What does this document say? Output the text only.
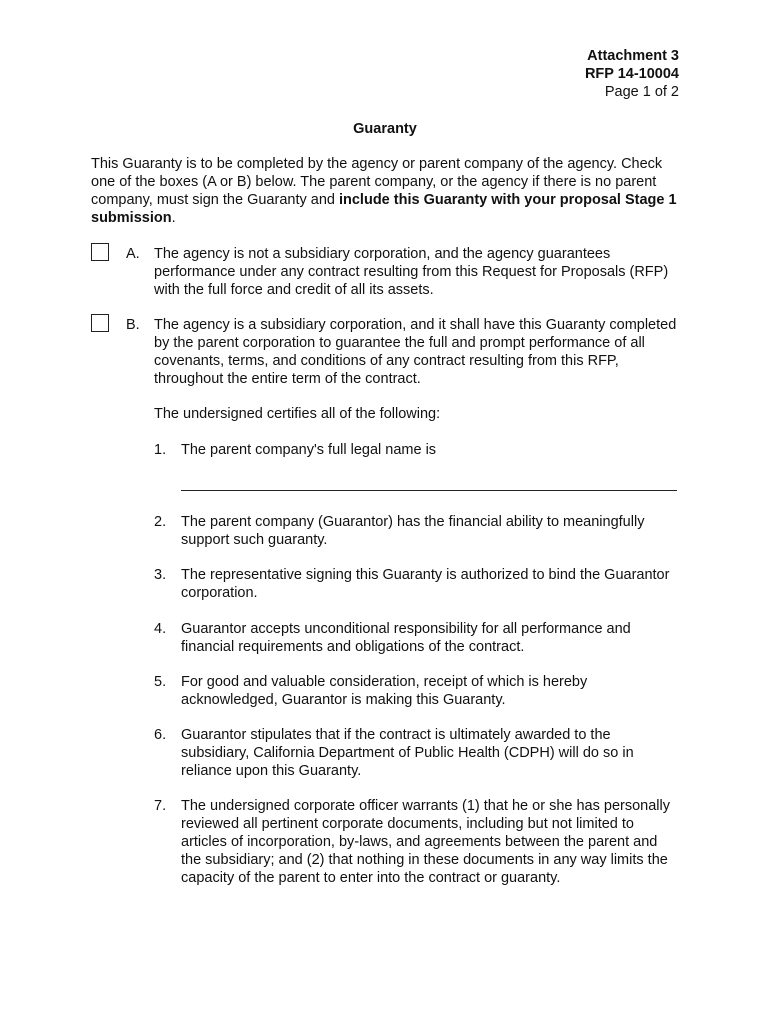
Attachment 3
RFP 14-10004
Page 1 of 2
Guaranty
This Guaranty is to be completed by the agency or parent company of the agency. Check one of the boxes (A or B) below. The parent company, or the agency if there is no parent company, must sign the Guaranty and include this Guaranty with your proposal Stage 1 submission.
A. The agency is not a subsidiary corporation, and the agency guarantees performance under any contract resulting from this Request for Proposals (RFP) with the full force and credit of all its assets.
B. The agency is a subsidiary corporation, and it shall have this Guaranty completed by the parent corporation to guarantee the full and prompt performance of all covenants, terms, and conditions of any contract resulting from this RFP, throughout the entire term of the contract.
The undersigned certifies all of the following:
1. The parent company's full legal name is
2. The parent company (Guarantor) has the financial ability to meaningfully support such guaranty.
3. The representative signing this Guaranty is authorized to bind the Guarantor corporation.
4. Guarantor accepts unconditional responsibility for all performance and financial requirements and obligations of the contract.
5. For good and valuable consideration, receipt of which is hereby acknowledged, Guarantor is making this Guaranty.
6. Guarantor stipulates that if the contract is ultimately awarded to the subsidiary, California Department of Public Health (CDPH) will do so in reliance upon this Guaranty.
7. The undersigned corporate officer warrants (1) that he or she has personally reviewed all pertinent corporate documents, including but not limited to articles of incorporation, by-laws, and agreements between the parent and the subsidiary; and (2) that nothing in these documents in any way limits the capacity of the parent to enter into the contract or guaranty.
